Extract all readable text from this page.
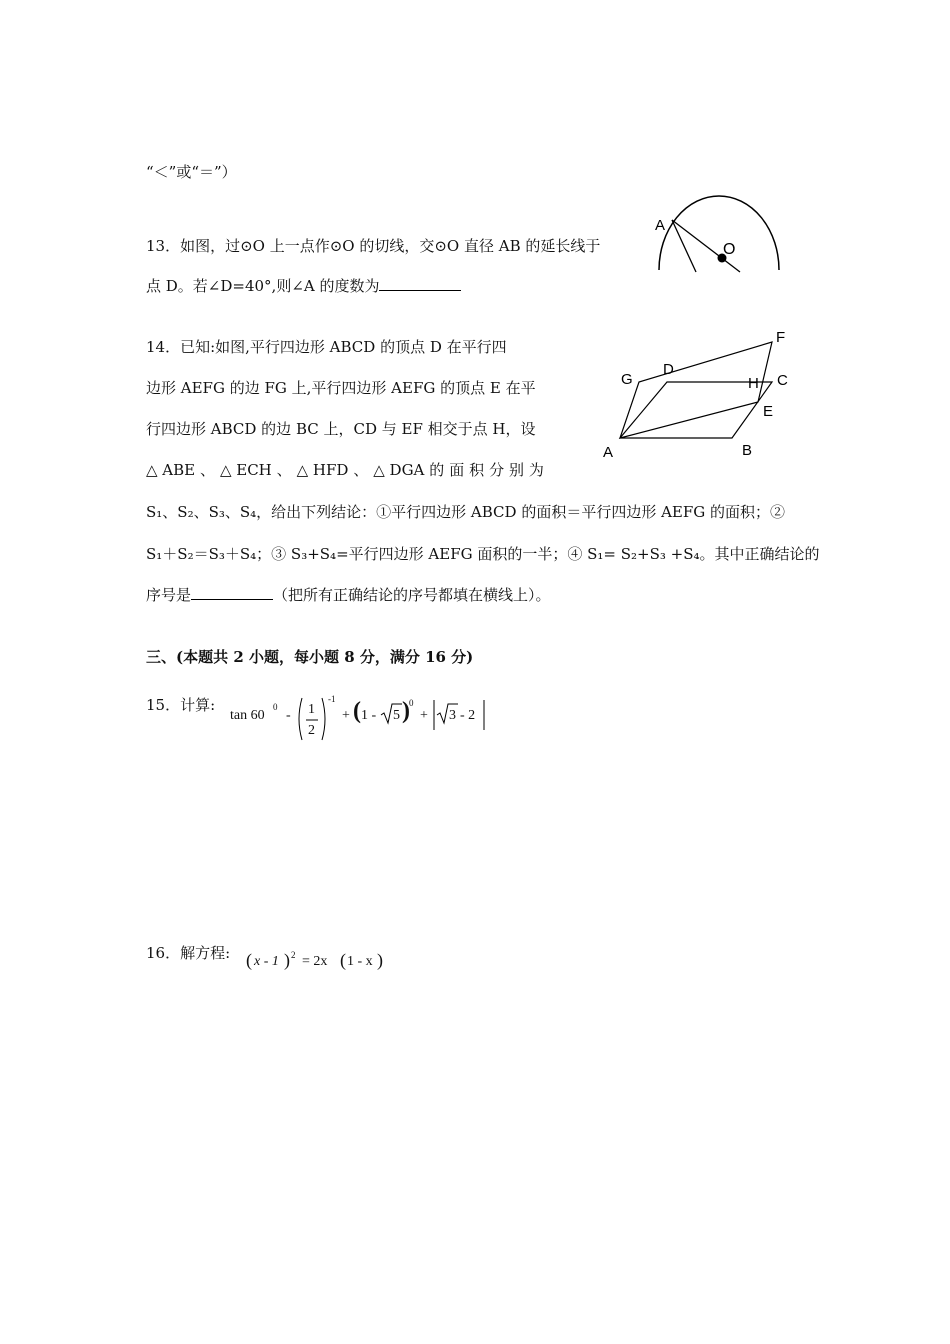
“＜”或“＝”）
13．如图，过⊙O 上一点作⊙O 的切线，交⊙O 直径 AB 的延长线于
点 D。若∠D=40°,则∠A 的度数为
A
O
14．已知:如图,平行四边形 ABCD 的顶点 D 在平行四
边形 AEFG 的边 FG 上,平行四边形 AEFG 的顶点 E 在平
行四边形 ABCD 的边 BC 上，CD 与 EF 相交于点 H，设
△ ABE 、 △ ECH 、 △ HFD 、 △ DGA 的 面 积 分 别 为
S₁、S₂、S₃、S₄，给出下列结论：①平行四边形 ABCD 的面积＝平行四边形 AEFG 的面积；②
S₁＋S₂＝S₃＋S₄；③ S₃+S₄=平行四边形 AEFG 面积的一半；④ S₁= S₂+S₃ +S₄。其中正确结论的
序号是	（把所有正确结论的序号都填在横线上）。
F
G
D
H C
E
A	B
三、(本题共 2 小题，每小题 8 分，满分 16 分)
15．计算:
tan 60
0
- 1
2
-1
+ ( 1 - 5 ) 0
+ 3 - 2
16．解方程: ( x - 1 ) 2 = 2x ( 1 - x )
